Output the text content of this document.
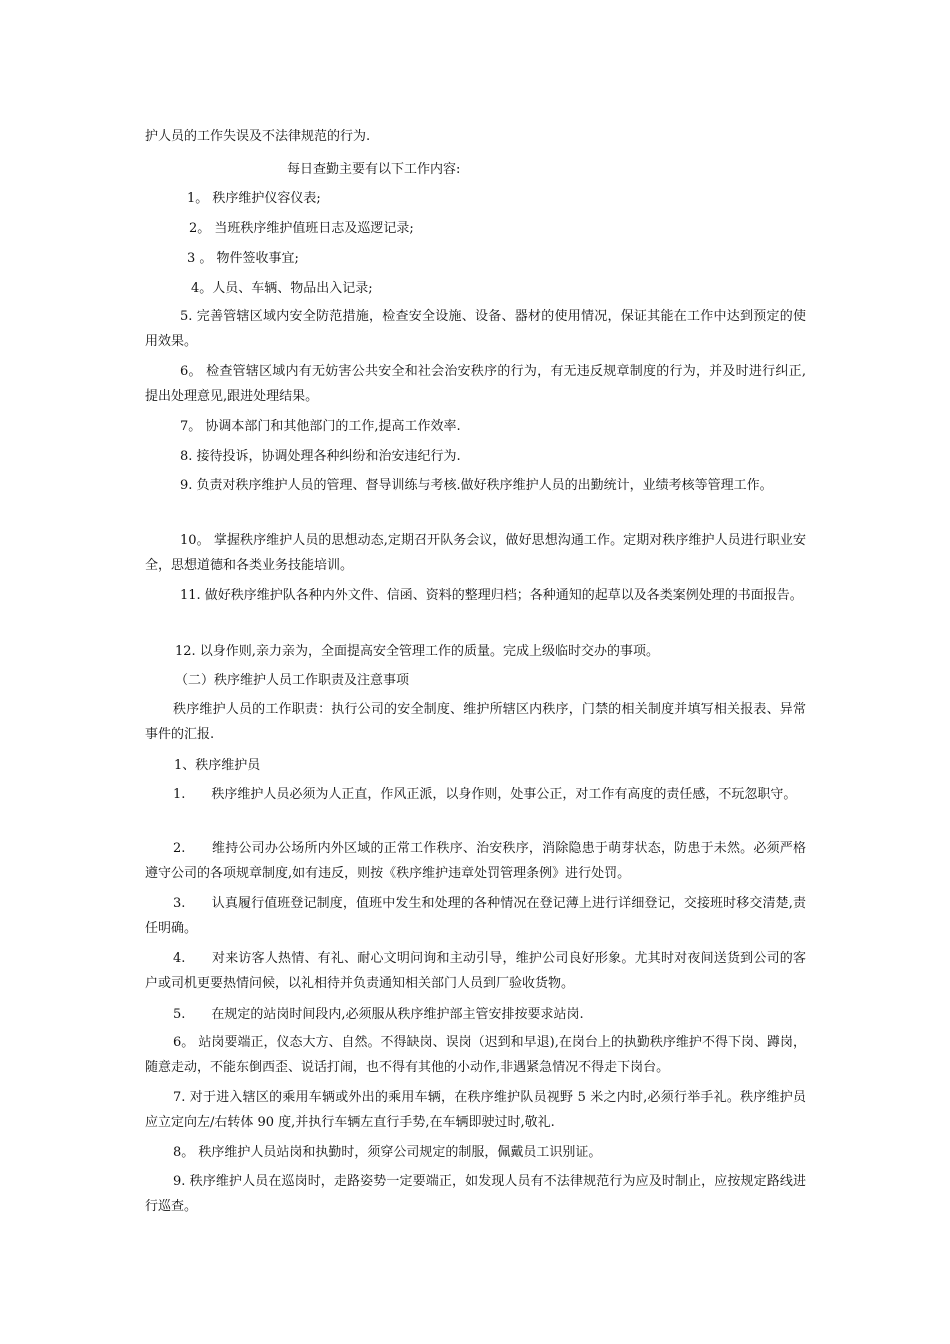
护人员的工作失误及不法律规范的行为.
每日查勤主要有以下工作内容:
1。 秩序维护仪容仪表;
2。 当班秩序维护值班日志及巡逻记录;
3 。 物件签收事宜;
4。人员、车辆、物品出入记录;
5. 完善管辖区域内安全防范措施，检查安全设施、设备、器材的使用情况，保证其能在工作中达到预定的使用效果。
6。 检查管辖区域内有无妨害公共安全和社会治安秩序的行为，有无违反规章制度的行为，并及时进行纠正,提出处理意见,跟进处理结果。
7。 协调本部门和其他部门的工作,提高工作效率.
8. 接待投诉，协调处理各种纠纷和治安违纪行为.
9. 负责对秩序维护人员的管理、督导训练与考核.做好秩序维护人员的出勤统计，业绩考核等管理工作。
10。 掌握秩序维护人员的思想动态,定期召开队务会议，做好思想沟通工作。定期对秩序维护人员进行职业安全，思想道德和各类业务技能培训。
11. 做好秩序维护队各种内外文件、信函、资料的整理归档；各种通知的起草以及各类案例处理的书面报告。
12. 以身作则,亲力亲为，全面提高安全管理工作的质量。完成上级临时交办的事项。
（二）秩序维护人员工作职责及注意事项
秩序维护人员的工作职责：执行公司的安全制度、维护所辖区内秩序，门禁的相关制度并填写相关报表、异常事件的汇报.
1、秩序维护员
1.　　秩序维护人员必须为人正直，作风正派，以身作则，处事公正，对工作有高度的责任感，不玩忽职守。
2.　　维持公司办公场所内外区域的正常工作秩序、治安秩序，消除隐患于萌芽状态，防患于未然。必须严格遵守公司的各项规章制度,如有违反，则按《秩序维护违章处罚管理条例》进行处罚。
3.　　认真履行值班登记制度，值班中发生和处理的各种情况在登记薄上进行详细登记，交接班时移交清楚,责任明确。
4.　　对来访客人热情、有礼、耐心文明问询和主动引导，维护公司良好形象。尤其时对夜间送货到公司的客户或司机更要热情问候，以礼相待并负责通知相关部门人员到厂验收货物。
5.　　在规定的站岗时间段内,必须服从秩序维护部主管安排按要求站岗.
6。 站岗要端正，仪态大方、自然。不得缺岗、误岗（迟到和早退),在岗台上的执勤秩序维护不得下岗、蹲岗，随意走动，不能东倒西歪、说话打闹，也不得有其他的小动作,非遇紧急情况不得走下岗台。
7. 对于进入辖区的乘用车辆或外出的乘用车辆，在秩序维护队员视野 5 米之内时,必须行举手礼。秩序维护员应立定向左/右转体 90 度,并执行车辆左直行手势,在车辆即驶过时,敬礼.
8。 秩序维护人员站岗和执勤时，须穿公司规定的制服，佩戴员工识别证。
9. 秩序维护人员在巡岗时，走路姿势一定要端正，如发现人员有不法律规范行为应及时制止，应按规定路线进行巡查。
